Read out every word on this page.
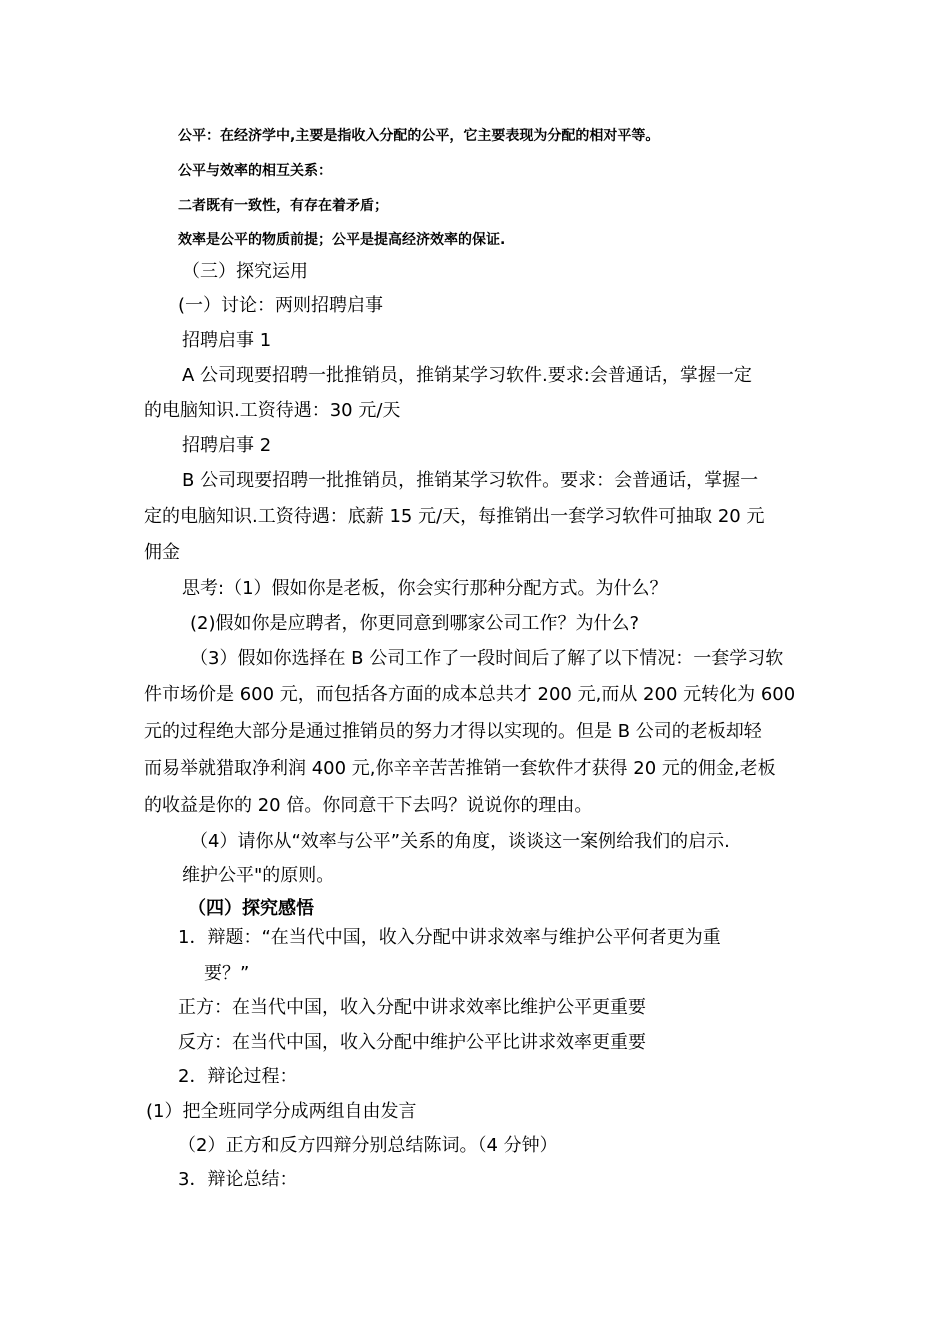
公平：在经济学中,主要是指收入分配的公平，它主要表现为分配的相对平等。
公平与效率的相互关系：
二者既有一致性，有存在着矛盾；
效率是公平的物质前提；公平是提高经济效率的保证.
（三）探究运用
(一）讨论：两则招聘启事
招聘启事 1
A 公司现要招聘一批推销员，推销某学习软件.要求:会普通话，掌握一定
的电脑知识.工资待遇：30 元/天
招聘启事 2
B 公司现要招聘一批推销员，推销某学习软件。要求：会普通话，掌握一
定的电脑知识.工资待遇：底薪 15 元/天，每推销出一套学习软件可抽取 20 元
佣金
思考:（1）假如你是老板，你会实行那种分配方式。为什么？
(2)假如你是应聘者，你更同意到哪家公司工作？为什么?
（3）假如你选择在 B 公司工作了一段时间后了解了以下情况：一套学习软
件市场价是 600 元，而包括各方面的成本总共才 200 元,而从 200 元转化为 600
元的过程绝大部分是通过推销员的努力才得以实现的。但是 B 公司的老板却轻
而易举就猎取净利润 400 元,你辛辛苦苦推销一套软件才获得 20 元的佣金,老板
的收益是你的 20 倍。你同意干下去吗？说说你的理由。
（4）请你从“效率与公平”关系的角度，谈谈这一案例给我们的启示.
维护公平"的原则。
（四）探究感悟
1．辩题：“在当代中国，收入分配中讲求效率与维护公平何者更为重
要？”
正方：在当代中国，收入分配中讲求效率比维护公平更重要
反方：在当代中国，收入分配中维护公平比讲求效率更重要
2．辩论过程：
(1）把全班同学分成两组自由发言
（2）正方和反方四辩分别总结陈词。（4 分钟）
3．辩论总结：
